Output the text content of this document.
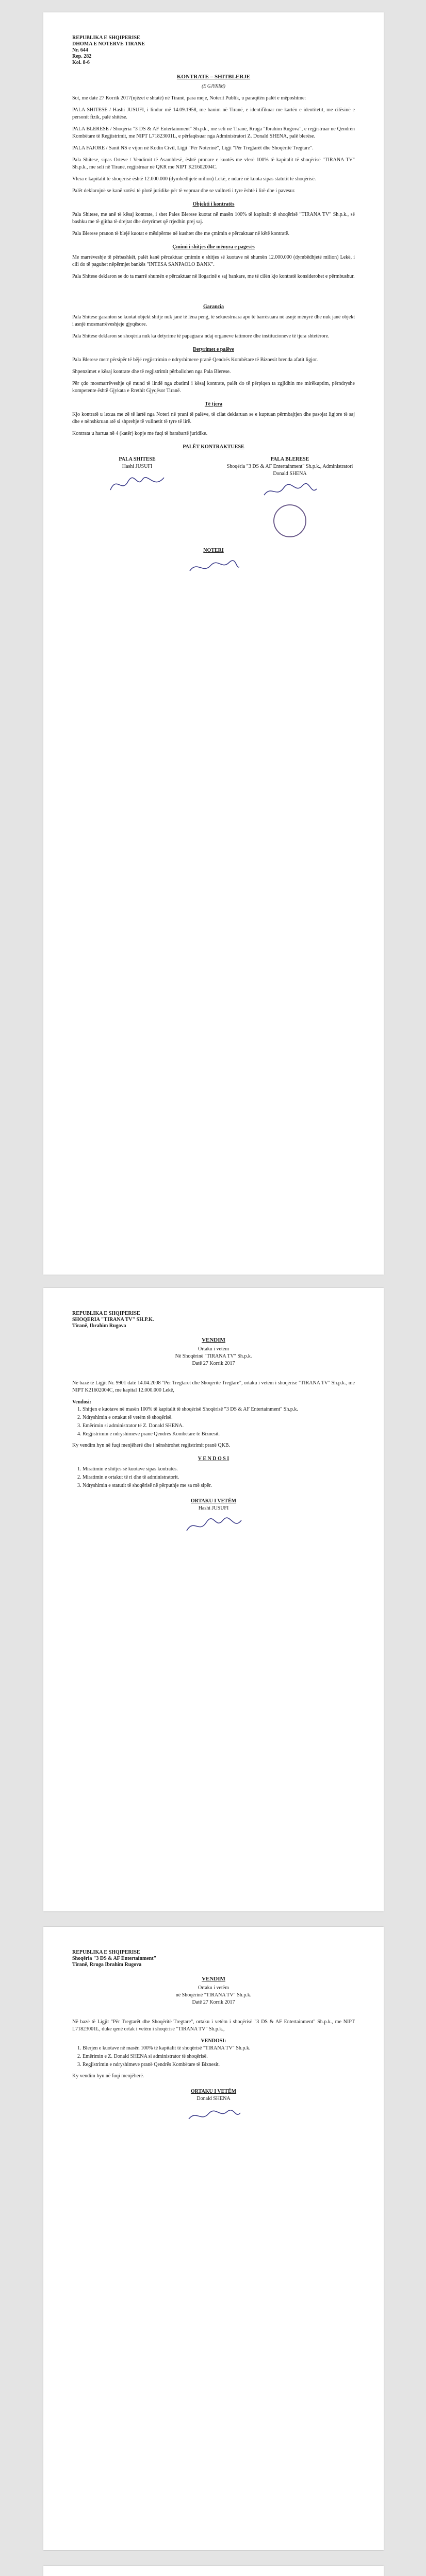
REPUBLIKA E SHQIPERISE
DHOMA E NOTERVE TIRANE
Nr. 644
Rep. 282
Kol. 8-6
KONTRATE – SHITBLERJE
(E GJYKIM)

Sot, me date 27 Korrik 2017(njëzet e shtatë) në Tiranë, para meje, Noterit Publik, u paraqitën palët e mëposhtme:

PALA SHITESE / Hashi JUSUFI, i lindur më 14.09.1958, me banim në Tiranë, e identifikuar me kartën e identitetit, me cilësinë e personit fizik, palë shitëse.

PALA BLERESE / Shoqëria "3 DS & AF Entertainment" Sh.p.k., me seli në Tiranë, Rruga "Ibrahim Rugova", e regjistruar në Qendrën Kombëtare të Regjistrimit, me NIPT L71823001L, e përfaqësuar nga Administratori Z. Donald SHENA, palë blerëse.

PALA FAJORE / Sanit NS e vijon në Kodin Civil, Ligji "Për Noterinë", Ligji "Për Tregtarët dhe Shoqëritë Tregtare".

Pala Shitese, sipas Orteve / Vendimit të Asamblesë, është pronare e kuotës me vlerë 100% të kapitalit të shoqërisë "TIRANA TV" Sh.p.k., me seli në Tiranë, regjistruar në QKR me NIPT K21602004C.

Vlera e kapitalit të shoqërisë është 12.000.000 (dymbëdhjetë milion) Lekë, e ndarë në kuota sipas statutit të shoqërisë.

Palët deklarojnë se kanë zotësi të plotë juridike për të vepruar dhe se vullneti i tyre është i lirë dhe i pavesur.

Objekti i kontratës

Pala Shitese, me anë të kësaj kontrate, i shet Pales Blerese kuotat në masën 100% të kapitalit të shoqërisë "TIRANA TV" Sh.p.k., së bashku me të gjitha të drejtat dhe detyrimet që rrjedhin prej saj.

Pala Blerese pranon të blejë kuotat e mësipërme në kushtet dhe me çmimin e përcaktuar në këtë kontratë.

Çmimi i shitjes dhe mënyra e pagesës

Me marrëveshje të përbashkët, palët kanë përcaktuar çmimin e shitjes së kuotave në shumën 12.000.000 (dymbëdhjetë milion) Lekë, i cili do të paguhet nëpërmjet bankës "INTESA SANPAOLO BANK".

Pala Shitese deklaron se do ta marrë shumën e përcaktuar në llogarinë e saj bankare, me të cilën kjo kontratë konsiderohet e përmbushur.

Garancia

Pala Shitese garanton se kuotat objekt shitje nuk janë të lëna peng, të sekuestruara apo të barrësuara në asnjë mënyrë dhe nuk janë objekt i asnjë mosmarrëveshjeje gjyqësore.

Pala Shitese deklaron se shoqëria nuk ka detyrime të papaguara ndaj organeve tatimore dhe institucioneve të tjera shtetërore.

Detyrimet e palëve

Pala Blerese merr përsipër të bëjë regjistrimin e ndryshimeve pranë Qendrës Kombëtare të Biznesit brenda afatit ligjor.

Shpenzimet e kësaj kontrate dhe të regjistrimit përballohen nga Pala Blerese.

Për çdo mosmarrëveshje që mund të lindë nga zbatimi i kësaj kontrate, palët do të përpiqen ta zgjidhin me mirëkuptim, përndryshe kompetente është Gjykata e Rrethit Gjyqësor Tiranë.

Të tjera

Kjo kontratë u lexua me zë të lartë nga Noteri në prani të palëve, të cilat deklaruan se e kuptuan përmbajtjen dhe pasojat ligjore të saj dhe e nënshkruan atë si shprehje të vullnetit të tyre të lirë.

Kontrata u hartua në 4 (katër) kopje me fuqi të barabartë juridike.

PALËT KONTRAKTUESE
PALA SHITESE
Hashi JUSUFI
PALA BLERESE
Shoqëria "3 DS & AF Entertainment" Sh.p.k., Administratori Donald SHENA
NOTERI
REPUBLIKA E SHQIPERISE
SHOQERIA "TIRANA TV" SH.P.K.
Tiranë, Ibrahim Rugova
VENDIM
Ortaku i vetëm
Në Shoqërinë "TIRANA TV" Sh.p.k.
Datë 27 Korrik 2017

Në bazë të Ligjit Nr. 9901 datë 14.04.2008 "Për Tregtarët dhe Shoqëritë Tregtare", ortaku i vetëm i shoqërisë "TIRANA TV" Sh.p.k., me NIPT K21602004C, me kapital 12.000.000 Lekë,

Vendosi:
1. Shitjen e kuotave në masën 100% të kapitalit të shoqërisë Shoqërisë "3 DS & AF Entertainment" Sh.p.k.
2. Ndryshimin e ortakut të vetëm të shoqërisë.
3. Emërimin si administrator të Z. Donald SHENA.
4. Regjistrimin e ndryshimeve pranë Qendrës Kombëtare të Biznesit.

Ky vendim hyn në fuqi menjëherë dhe i nënshtrohet regjistrimit pranë QKB.

V E N D O S I
1. Miratimin e shitjes së kuotave sipas kontratës.
2. Miratimin e ortakut të ri dhe të administratorit.
3. Ndryshimin e statutit të shoqërisë në përputhje me sa më sipër.
ORTAKU I VETËM
Hashi JUSUFI
REPUBLIKA E SHQIPERISE
Shoqëria "3 DS & AF Entertainment"
Tiranë, Rruga Ibrahim Rugova
VENDIM
Ortaku i vetëm
në Shoqërinë "TIRANA TV" Sh.p.k.
Datë 27 Korrik 2017

Në bazë të Ligjit "Për Tregtarët dhe Shoqëritë Tregtare", ortaku i vetëm i shoqërisë "3 DS & AF Entertainment" Sh.p.k., me NIPT L71823001L, duke qenë ortak i vetëm i shoqërisë "TIRANA TV" Sh.p.k.,

VENDOSI:
1. Blerjen e kuotave në masën 100% të kapitalit të shoqërisë "TIRANA TV" Sh.p.k.
2. Emërimin e Z. Donald SHENA si administrator të shoqërisë.
3. Regjistrimin e ndryshimeve pranë Qendrës Kombëtare të Biznesit.

Ky vendim hyn në fuqi menjëherë.

ORTAKU I VETËM
Donald SHENA
